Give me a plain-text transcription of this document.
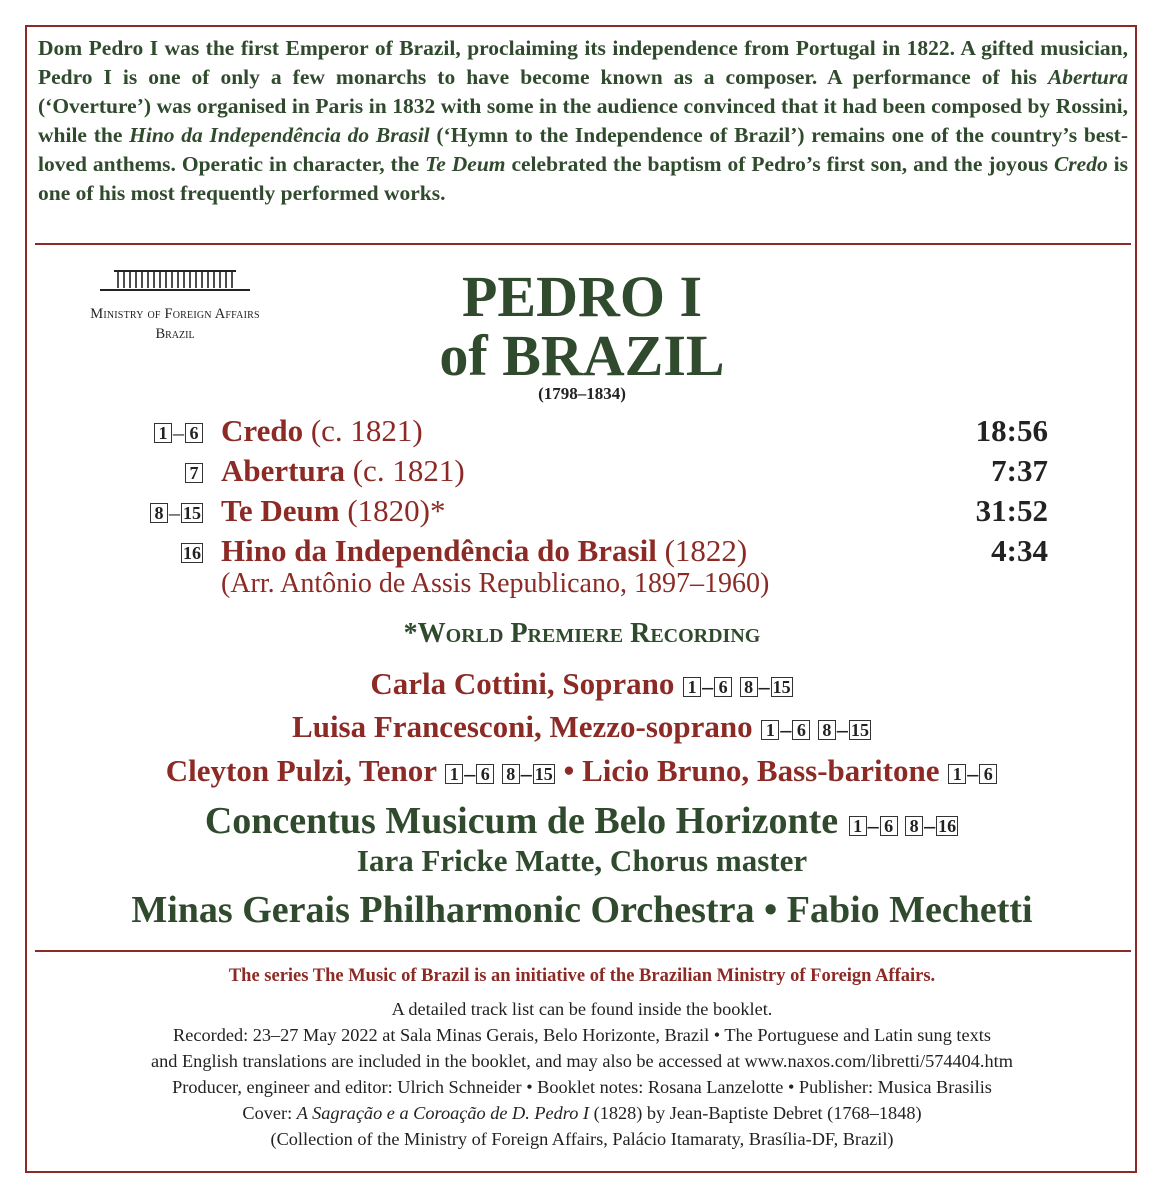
Dom Pedro I was the first Emperor of Brazil, proclaiming its independence from Portugal in 1822. A gifted musician, Pedro I is one of only a few monarchs to have become known as a composer. A performance of his Abertura (‘Overture’) was organised in Paris in 1832 with some in the audience convinced that it had been composed by Rossini, while the Hino da Independência do Brasil (‘Hymn to the Independence of Brazil’) remains one of the country’s best-loved anthems. Operatic in character, the Te Deum celebrated the baptism of Pedro’s first son, and the joyous Credo is one of his most frequently performed works.

Ministry of Foreign Affairs
Brazil
PEDRO I
of BRAZIL
(1798–1834)
1 – 6 Credo (c. 1821)	18:56
7 Abertura (c. 1821)	7:37
8 – 15 Te Deum (1820)*	31:52
16 Hino da Independência do Brasil (1822)	4:34
(Arr. Antônio de Assis Republicano, 1897–1960)
*World Premiere Recording
Carla Cottini, Soprano 1 – 6 8 – 15
Luisa Francesconi, Mezzo-soprano 1 – 6 8 – 15
Cleyton Pulzi, Tenor 1 – 6 8 – 15 • Licio Bruno, Bass-baritone 1 – 6
Concentus Musicum de Belo Horizonte 1 – 6 8 – 16
Iara Fricke Matte, Chorus master
Minas Gerais Philharmonic Orchestra • Fabio Mechetti
The series The Music of Brazil is an initiative of the Brazilian Ministry of Foreign Affairs.
A detailed track list can be found inside the booklet.
Recorded: 23–27 May 2022 at Sala Minas Gerais, Belo Horizonte, Brazil • The Portuguese and Latin sung texts
and English translations are included in the booklet, and may also be accessed at www.naxos.com/libretti/574404.htm
Producer, engineer and editor: Ulrich Schneider • Booklet notes: Rosana Lanzelotte • Publisher: Musica Brasilis
Cover: A Sagração e a Coroação de D. Pedro I (1828) by Jean-Baptiste Debret (1768–1848)
(Collection of the Ministry of Foreign Affairs, Palácio Itamaraty, Brasília-DF, Brazil)
